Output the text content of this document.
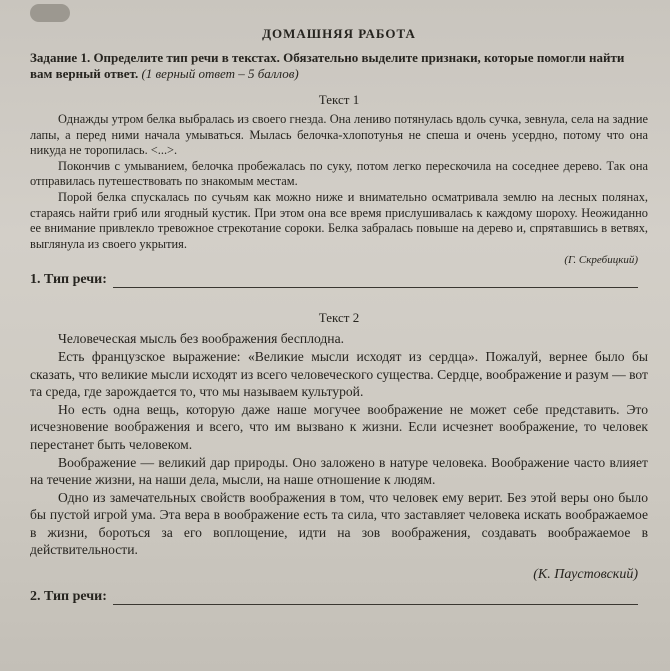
ДОМАШНЯЯ РАБОТА
Задание 1. Определите тип речи в текстах. Обязательно выделите признаки, которые помогли найти вам верный ответ. (1 верный ответ – 5 баллов)
Текст 1

Однажды утром белка выбралась из своего гнезда. Она лениво потянулась вдоль сучка, зевнула, села на задние лапы, а перед ними начала умываться. Мылась белочка-хлопотунья не спеша и очень усердно, потому что она никуда не торопилась. <...>.

Покончив с умыванием, белочка пробежалась по суку, потом легко перескочила на соседнее дерево. Так она отправилась путешествовать по знакомым местам.

Порой белка спускалась по сучьям как можно ниже и внимательно осматривала землю на лесных полянах, стараясь найти гриб или ягодный кустик. При этом она все время прислушивалась к каждому шороху. Неожиданно ее внимание привлекло тревожное стрекотание сороки. Белка забралась повыше на дерево и, спрятавшись в ветвях, выглянула из своего укрытия.

(Г. Скребицкий)
1. Тип речи:
Текст 2

Человеческая мысль без воображения бесплодна.

Есть французское выражение: «Великие мысли исходят из сердца». Пожалуй, вернее было бы сказать, что великие мысли исходят из всего человеческого существа. Сердце, воображение и разум — вот та среда, где зарождается то, что мы называем культурой.

Но есть одна вещь, которую даже наше могучее воображение не может себе представить. Это исчезновение воображения и всего, что им вызвано к жизни. Если исчезнет воображение, то человек перестанет быть человеком.

Воображение — великий дар природы. Оно заложено в натуре человека. Воображение часто влияет на течение жизни, на наши дела, мысли, на наше отношение к людям.

Одно из замечательных свойств воображения в том, что человек ему верит. Без этой веры оно было бы пустой игрой ума. Эта вера в воображение есть та сила, что заставляет человека искать воображаемое в жизни, бороться за его воплощение, идти на зов воображения, создавать воображаемое в действительности.

(К. Паустовский)
2. Тип речи:
